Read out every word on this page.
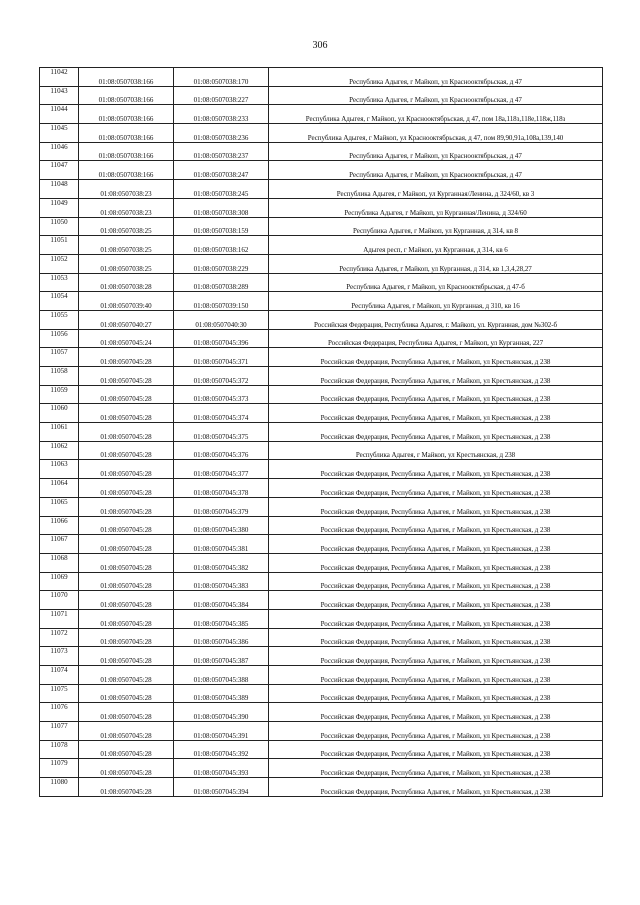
306
11042	01:08:0507038:166	01:08:0507038:170	Республика Адыгея, г Майкоп, ул Краснооктябрьская, д 47
11043	01:08:0507038:166	01:08:0507038:227	Республика Адыгея, г Майкоп, ул Краснооктябрьская, д 47
11044	01:08:0507038:166	01:08:0507038:233	Республика Адыгея, г Майкоп, ул Краснооктябрьская, д 47, пом 18а,118з,118е,118ж,118з
11045	01:08:0507038:166	01:08:0507038:236	Республика Адыгея, г Майкоп, ул Краснооктябрьская, д 47, пом 89,90,91а,108а,139,140
11046	01:08:0507038:166	01:08:0507038:237	Республика Адыгея, г Майкоп, ул Краснооктябрьская, д 47
11047	01:08:0507038:166	01:08:0507038:247	Республика Адыгея, г Майкоп, ул Краснооктябрьская, д 47
11048	01:08:0507038:23	01:08:0507038:245	Республика Адыгея, г Майкоп, ул Курганная/Ленина, д 324/60, кв 3
11049	01:08:0507038:23	01:08:0507038:308	Республика Адыгея, г Майкоп, ул Курганная/Ленина, д 324/60
11050	01:08:0507038:25	01:08:0507038:159	Республика Адыгея, г Майкоп, ул Курганная, д 314, кв 8
11051	01:08:0507038:25	01:08:0507038:162	Адыгея респ, г Майкоп, ул Курганная, д 314, кв 6
11052	01:08:0507038:25	01:08:0507038:229	Республика Адыгея, г Майкоп, ул Курганная, д 314, кв 1,3,4,28,27
11053	01:08:0507038:28	01:08:0507038:289	Республика Адыгея, г Майкоп, ул Краснооктябрьская, д 47-б
11054	01:08:0507039:40	01:08:0507039:150	Республика Адыгея, г Майкоп, ул Курганная, д 310, кв 16
11055	01:08:0507040:27	01:08:0507040:30	Российская Федерация, Республика Адыгея, г. Майкоп, ул. Курганная, дом №302-б
11056	01:08:0507045:24	01:08:0507045:396	Российская Федерация, Республика Адыгея, г Майкоп, ул Курганная, 227
11057	01:08:0507045:28	01:08:0507045:371	Российская Федерация, Республика Адыгея, г Майкоп, ул Крестьянская, д 238
11058	01:08:0507045:28	01:08:0507045:372	Российская Федерация, Республика Адыгея, г Майкоп, ул Крестьянская, д 238
11059	01:08:0507045:28	01:08:0507045:373	Российская Федерация, Республика Адыгея, г Майкоп, ул Крестьянская, д 238
11060	01:08:0507045:28	01:08:0507045:374	Российская Федерация, Республика Адыгея, г Майкоп, ул Крестьянская, д 238
11061	01:08:0507045:28	01:08:0507045:375	Российская Федерация, Республика Адыгея, г Майкоп, ул Крестьянская, д 238
11062	01:08:0507045:28	01:08:0507045:376	Республика Адыгея, г Майкоп, ул Крестьянская, д 238
11063	01:08:0507045:28	01:08:0507045:377	Российская Федерация, Республика Адыгея, г Майкоп, ул Крестьянская, д 238
11064	01:08:0507045:28	01:08:0507045:378	Российская Федерация, Республика Адыгея, г Майкоп, ул Крестьянская, д 238
11065	01:08:0507045:28	01:08:0507045:379	Российская Федерация, Республика Адыгея, г Майкоп, ул Крестьянская, д 238
11066	01:08:0507045:28	01:08:0507045:380	Российская Федерация, Республика Адыгея, г Майкоп, ул Крестьянская, д 238
11067	01:08:0507045:28	01:08:0507045:381	Российская Федерация, Республика Адыгея, г Майкоп, ул Крестьянская, д 238
11068	01:08:0507045:28	01:08:0507045:382	Российская Федерация, Республика Адыгея, г Майкоп, ул Крестьянская, д 238
11069	01:08:0507045:28	01:08:0507045:383	Российская Федерация, Республика Адыгея, г Майкоп, ул Крестьянская, д 238
11070	01:08:0507045:28	01:08:0507045:384	Российская Федерация, Республика Адыгея, г Майкоп, ул Крестьянская, д 238
11071	01:08:0507045:28	01:08:0507045:385	Российская Федерация, Республика Адыгея, г Майкоп, ул Крестьянская, д 238
11072	01:08:0507045:28	01:08:0507045:386	Российская Федерация, Республика Адыгея, г Майкоп, ул Крестьянская, д 238
11073	01:08:0507045:28	01:08:0507045:387	Российская Федерация, Республика Адыгея, г Майкоп, ул Крестьянская, д 238
11074	01:08:0507045:28	01:08:0507045:388	Российская Федерация, Республика Адыгея, г Майкоп, ул Крестьянская, д 238
11075	01:08:0507045:28	01:08:0507045:389	Российская Федерация, Республика Адыгея, г Майкоп, ул Крестьянская, д 238
11076	01:08:0507045:28	01:08:0507045:390	Российская Федерация, Республика Адыгея, г Майкоп, ул Крестьянская, д 238
11077	01:08:0507045:28	01:08:0507045:391	Российская Федерация, Республика Адыгея, г Майкоп, ул Крестьянская, д 238
11078	01:08:0507045:28	01:08:0507045:392	Российская Федерация, Республика Адыгея, г Майкоп, ул Крестьянская, д 238
11079	01:08:0507045:28	01:08:0507045:393	Российская Федерация, Республика Адыгея, г Майкоп, ул Крестьянская, д 238
11080	01:08:0507045:28	01:08:0507045:394	Российская Федерация, Республика Адыгея, г Майкоп, ул Крестьянская, д 238
